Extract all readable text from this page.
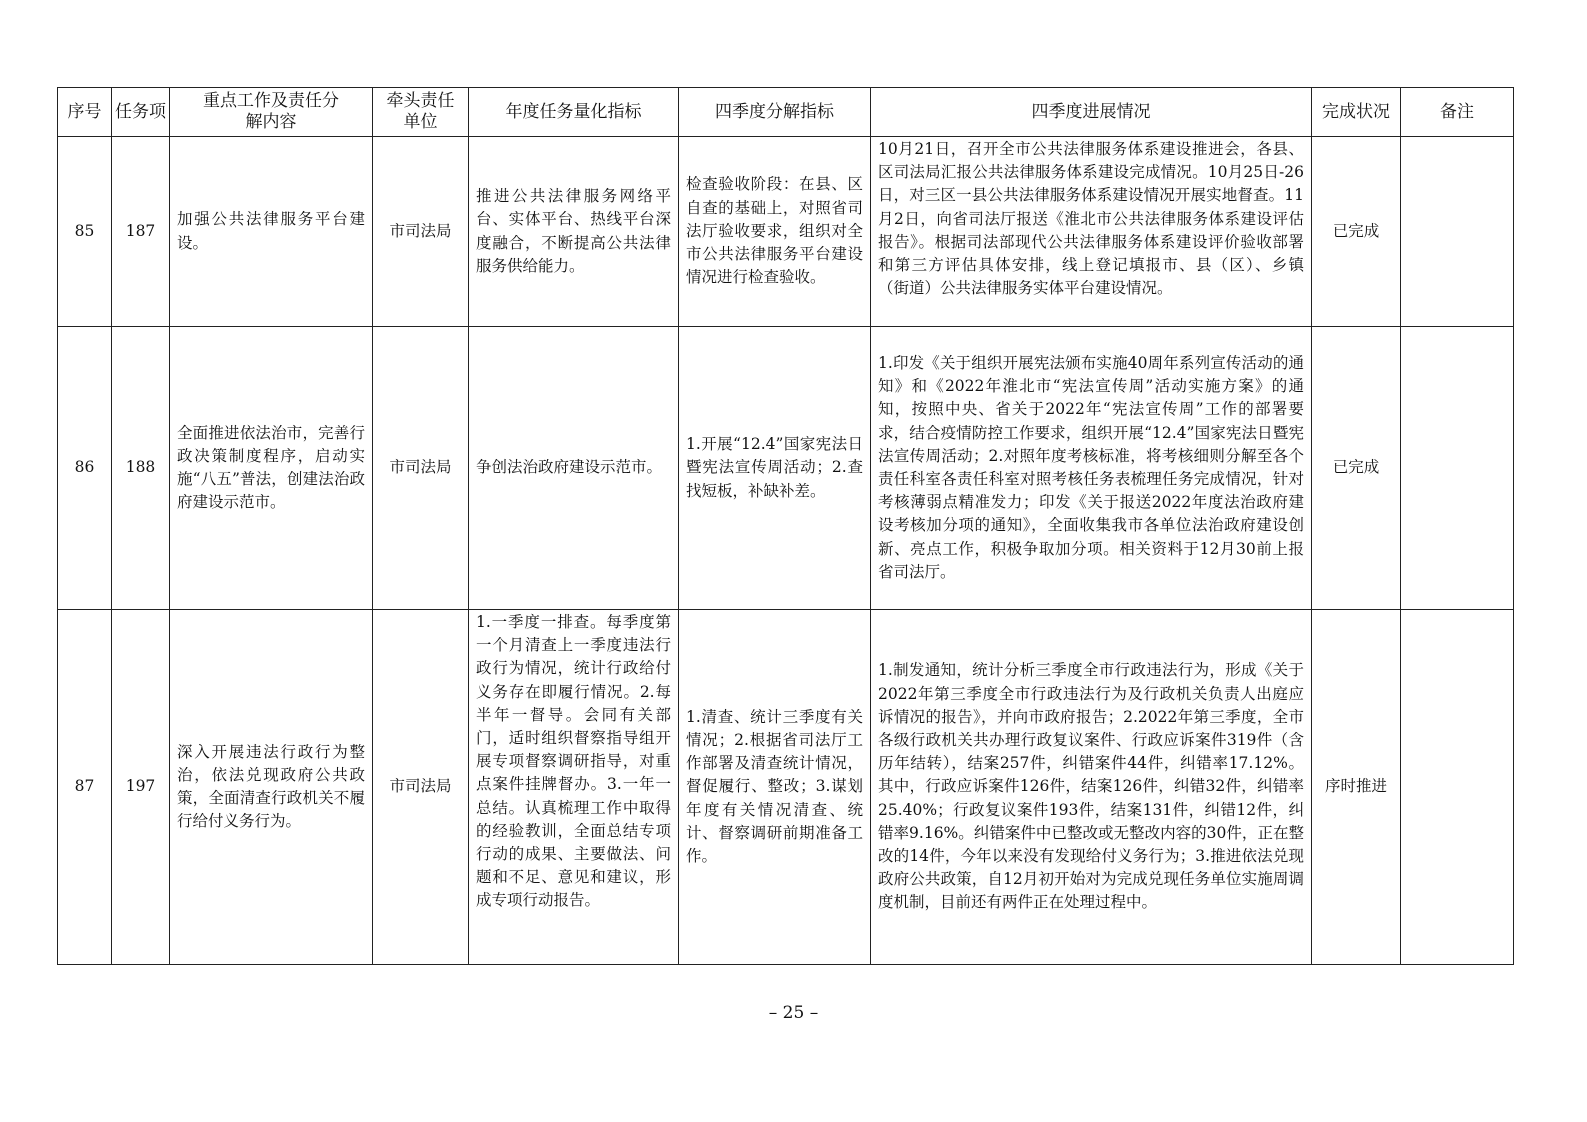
序号	任务项	重点工作及责任分解内容	牵头责任单位	年度任务量化指标	四季度分解指标	四季度进展情况	完成状况	备注
85	187	加强公共法律服务平台建设。	市司法局	推进公共法律服务网络平台、实体平台、热线平台深度融合，不断提高公共法律服务供给能力。	检查验收阶段：在县、区自查的基础上，对照省司法厅验收要求，组织对全市公共法律服务平台建设情况进行检查验收。	10月21日，召开全市公共法律服务体系建设推进会，各县、区司法局汇报公共法律服务体系建设完成情况。10月25日-26日，对三区一县公共法律服务体系建设情况开展实地督查。11月2日，向省司法厅报送《淮北市公共法律服务体系建设评估报告》。根据司法部现代公共法律服务体系建设评价验收部署和第三方评估具体安排，线上登记填报市、县（区）、乡镇（街道）公共法律服务实体平台建设情况。	已完成	
86	188	全面推进依法治市，完善行政决策制度程序，启动实施“八五”普法，创建法治政府建设示范市。	市司法局	争创法治政府建设示范市。	1.开展“12.4”国家宪法日暨宪法宣传周活动；2.查找短板，补缺补差。	1.印发《关于组织开展宪法颁布实施40周年系列宣传活动的通知》和《2022年淮北市“宪法宣传周”活动实施方案》的通知，按照中央、省关于2022年“宪法宣传周”工作的部署要求，结合疫情防控工作要求，组织开展“12.4”国家宪法日暨宪法宣传周活动；2.对照年度考核标准，将考核细则分解至各个责任科室各责任科室对照考核任务表梳理任务完成情况，针对考核薄弱点精准发力；印发《关于报送2022年度法治政府建设考核加分项的通知》，全面收集我市各单位法治政府建设创新、亮点工作，积极争取加分项。相关资料于12月30前上报省司法厅。	已完成	
87	197	深入开展违法行政行为整治，依法兑现政府公共政策，全面清查行政机关不履行给付义务行为。	市司法局	1.一季度一排查。每季度第一个月清查上一季度违法行政行为情况，统计行政给付义务存在即履行情况。2.每半年一督导。会同有关部门，适时组织督察指导组开展专项督察调研指导，对重点案件挂牌督办。3.一年一总结。认真梳理工作中取得的经验教训，全面总结专项行动的成果、主要做法、问题和不足、意见和建议，形成专项行动报告。	1.清查、统计三季度有关情况；2.根据省司法厅工作部署及清查统计情况，督促履行、整改；3.谋划年度有关情况清查、统计、督察调研前期准备工作。	1.制发通知，统计分析三季度全市行政违法行为，形成《关于2022年第三季度全市行政违法行为及行政机关负责人出庭应诉情况的报告》，并向市政府报告；2.2022年第三季度，全市各级行政机关共办理行政复议案件、行政应诉案件319件（含历年结转），结案257件，纠错案件44件，纠错率17.12%。其中，行政应诉案件126件，结案126件，纠错32件，纠错率25.40%；行政复议案件193件，结案131件，纠错12件，纠错率9.16%。纠错案件中已整改或无整改内容的30件，正在整改的14件，今年以来没有发现给付义务行为；3.推进依法兑现政府公共政策，自12月初开始对为完成兑现任务单位实施周调度机制，目前还有两件正在处理过程中。	序时推进	
– 25 –
